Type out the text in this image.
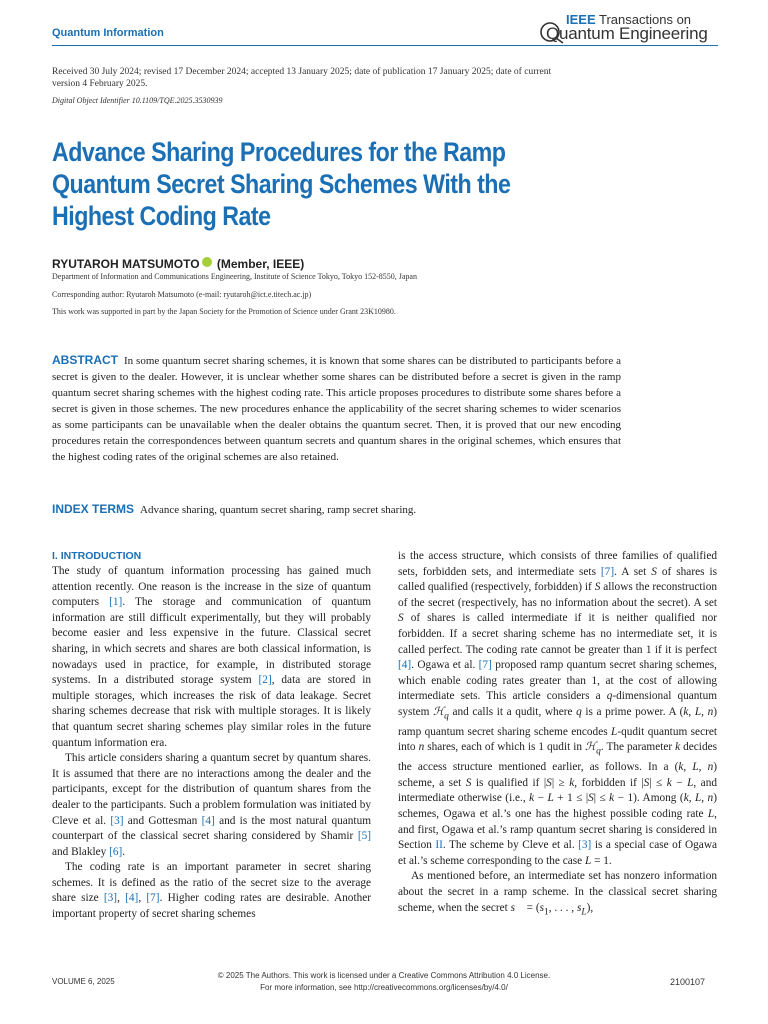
Quantum Information
IEEE Transactions on
Quantum Engineering
Received 30 July 2024; revised 17 December 2024; accepted 13 January 2025; date of publication 17 January 2025; date of current version 4 February 2025.
Digital Object Identifier 10.1109/TQE.2025.3530939
Advance Sharing Procedures for the Ramp Quantum Secret Sharing Schemes With the Highest Coding Rate
RYUTAROH MATSUMOTO (Member, IEEE)
Department of Information and Communications Engineering, Institute of Science Tokyo, Tokyo 152-8550, Japan
Corresponding author: Ryutaroh Matsumoto (e-mail: ryutaroh@ict.e.titech.ac.jp)
This work was supported in part by the Japan Society for the Promotion of Science under Grant 23K10980.
ABSTRACT In some quantum secret sharing schemes, it is known that some shares can be distributed to participants before a secret is given to the dealer. However, it is unclear whether some shares can be distributed before a secret is given in the ramp quantum secret sharing schemes with the highest coding rate. This article proposes procedures to distribute some shares before a secret is given in those schemes. The new procedures enhance the applicability of the secret sharing schemes to wider scenarios as some participants can be unavailable when the dealer obtains the quantum secret. Then, it is proved that our new encoding procedures retain the correspondences between quantum secrets and quantum shares in the original schemes, which ensures that the highest coding rates of the original schemes are also retained.
INDEX TERMS Advance sharing, quantum secret sharing, ramp secret sharing.
I. INTRODUCTION

The study of quantum information processing has gained much attention recently. One reason is the increase in the size of quantum computers [1]. The storage and communication of quantum information are still difficult experimentally, but they will probably become easier and less expensive in the future. Classical secret sharing, in which secrets and shares are both classical information, is nowadays used in practice, for example, in distributed storage systems. In a distributed storage system [2], data are stored in multiple storages, which increases the risk of data leakage. Secret sharing schemes decrease that risk with multiple storages. It is likely that quantum secret sharing schemes play similar roles in the future quantum information era.

This article considers sharing a quantum secret by quantum shares. It is assumed that there are no interactions among the dealer and the participants, except for the distribution of quantum shares from the dealer to the participants. Such a problem formulation was initiated by Cleve et al. [3] and Gottesman [4] and is the most natural quantum counterpart of the classical secret sharing considered by Shamir [5] and Blakley [6].

The coding rate is an important parameter in secret sharing schemes. It is defined as the ratio of the secret size to the average share size [3], [4], [7]. Higher coding rates are desirable. Another important property of secret sharing schemes

is the access structure, which consists of three families of qualified sets, forbidden sets, and intermediate sets [7]. A set S of shares is called qualified (respectively, forbidden) if S allows the reconstruction of the secret (respectively, has no information about the secret). A set S of shares is called intermediate if it is neither qualified nor forbidden. If a secret sharing scheme has no intermediate set, it is called perfect. The coding rate cannot be greater than 1 if it is perfect [4]. Ogawa et al. [7] proposed ramp quantum secret sharing schemes, which enable coding rates greater than 1, at the cost of allowing intermediate sets. This article considers a q-dimensional quantum system ℋ$_q$ and calls it a qudit, where q is a prime power. A (k, L, n) ramp quantum secret sharing scheme encodes L-qudit quantum secret into n shares, each of which is 1 qudit in ℋ$_q$. The parameter k decides the access structure mentioned earlier, as follows. In a (k, L, n) scheme, a set S is qualified if |S| ≥ k, forbidden if |S| ≤ k − L, and intermediate otherwise (i.e., k − L + 1 ≤ |S| ≤ k − 1). Among (k, L, n) schemes, Ogawa et al.’s one has the highest possible coding rate L, and first, Ogawa et al.’s ramp quantum secret sharing is considered in Section II. The scheme by Cleve et al. [3] is a special case of Ogawa et al.’s scheme corresponding to the case L = 1.

As mentioned before, an intermediate set has nonzero information about the secret in a ramp scheme. In the classical secret sharing scheme, when the secret s⃗ = ($s_1$, . . . , $s_L$),

VOLUME 6, 2025
© 2025 The Authors. This work is licensed under a Creative Commons Attribution 4.0 License.
For more information, see http://creativecommons.org/licenses/by/4.0/
2100107
